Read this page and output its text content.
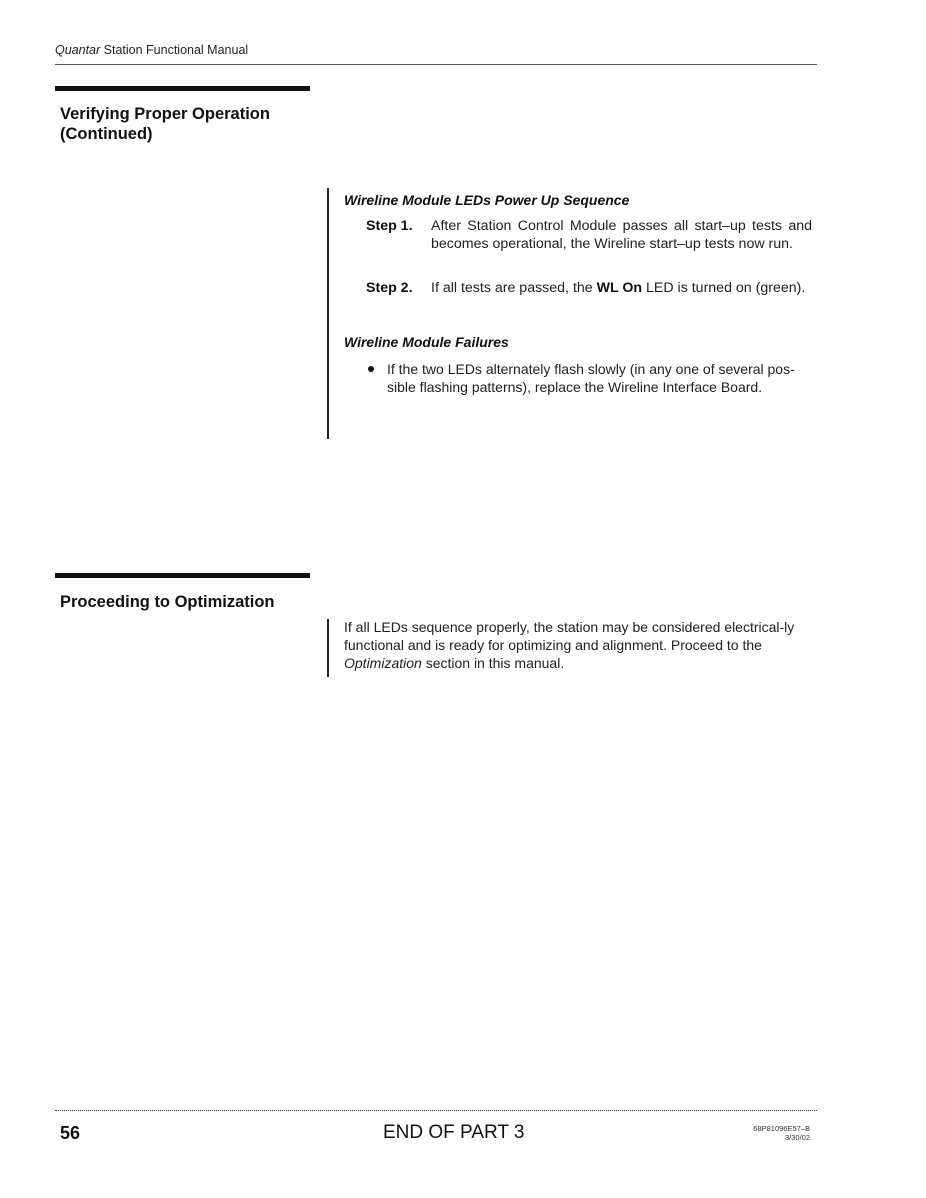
Quantar Station Functional Manual
Verifying Proper Operation
(Continued)
Wireline Module LEDs Power Up Sequence
Step 1. After Station Control Module passes all start–up tests and becomes operational, the Wireline start–up tests now run.
Step 2. If all tests are passed, the WL On LED is turned on (green).
Wireline Module Failures
If the two LEDs alternately flash slowly (in any one of several pos-sible flashing patterns), replace the Wireline Interface Board.
Proceeding to Optimization
If all LEDs sequence properly, the station may be considered electrical-ly functional and is ready for optimizing and alignment. Proceed to the Optimization section in this manual.
56	END OF PART 3	68P81096E57–B
3/30/02
